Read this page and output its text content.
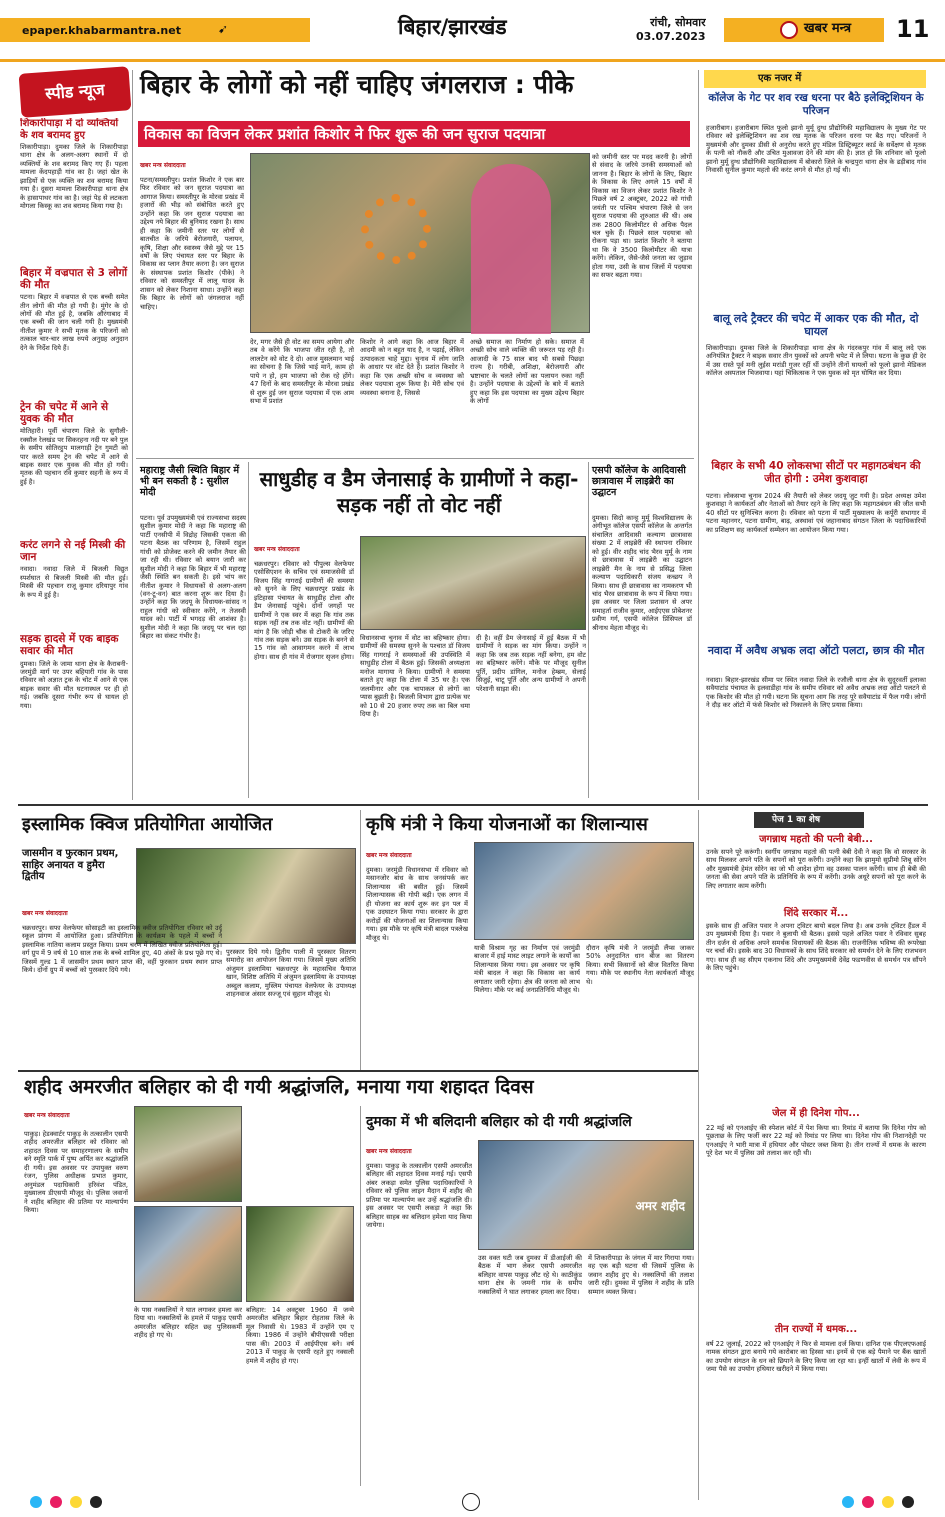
epaper.khabarmantra.net	➹	बिहार/झारखंड	रांची, सोमवार
03.07.2023
खबर मन्त्र 11
स्पीड न्यूज
शिकारीपाड़ा में दो व्यक्तियों के शव बरामद हुए
शिकारीपाड़ा। दुमका जिले के शिकारीपाड़ा थाना क्षेत्र के अलग-अलग स्थानों में दो व्यक्तियों के शव बरामद किए गए हैं। पहला मामला केंदपहाड़ी गांव का है। जहां खेत के झाड़ियों से एक व्यक्ति का शव बरामद किया गया है। दूसरा मामला शिकारीपाड़ा थाना क्षेत्र के हासापाथर गांव का है। जहां पेड़ से लटकता मोगला किस्कू का शव बरामद किया गया है।
बिहार में वज्रपात से 3 लोगों की मौत
पटना। बिहार में वज्रपात से एक बच्ची समेत तीन लोगों की मौत हो गयी है। मुंगेर के दो लोगों की मौत हुई है, जबकि औरंगाबाद में एक बच्ची की जान चली गयी है। मुख्यमंत्री नीतीश कुमार ने सभी मृतक के परिजनों को तत्काल चार-चार लाख रुपये अनुग्रह अनुदान देने के निर्देश दिये हैं।
ट्रेन की चपेट में आने से युवक की मौत
मोतिहारी। पूर्वी चंपारण जिले के सुगौली-रक्सौल रेलखंड पर सिकरहना नदी पर बने पुल के समीप सोतिरहुप मालगाड़ी ट्रेन गुमटी को पार करते समय ट्रेन की चपेट में आने से बाइक सवार एक युवक की मौत हो गयी। मृतक की पहचान रवि कुमार सहनी के रूप में हुई है।
करंट लगने से नई मिस्त्री की जान
नवादा। नवादा जिले में बिजली विद्युत स्पर्शघात से बिजली मिस्त्री की मौत हुई। मिस्त्री की पहचान राजू कुमार दरियापुर गांव के रूप में हुई है।
सड़क हादसे में एक बाइक सवार की मौत
दुमका। जिले के जामा थाना क्षेत्र के कैराबनी-जरमुंडी मार्ग पर उपर बहियारी गांव के पास रविवार को अज्ञात ट्रक के चोट में आने से एक बाइक सवार की मौत घटनास्थल पर ही हो गई। जबकि दूसरा गंभीर रूप से घायल हो गया।
बिहार के लोगों को नहीं चाहिए जंगलराज : पीके
विकास का विजन लेकर प्रशांत किशोर ने फिर शुरू की जन सुराज पदयात्रा
खबर मन्त्र संवाददाता
पटना/समस्तीपुर। प्रशांत किशोर ने एक बार फिर रविवार को जन सुराज पदयात्रा का आगाज किया। समस्तीपुर के मोरवा प्रखंड में हजारों की भीड़ को संबोधित करते हुए उन्होंने कहा कि जन सुराज पदयात्रा का उद्देश्य नये बिहार की बुनियाद रखना है। साथ ही कहा कि जमीनी स्तर पर लोगों से बातचीत के जरिये बेरोजगारी, पलायन, कृषि, शिक्षा और स्वास्थ्य जैसे मुद्दे पर 15 वर्षों के लिए पंचायत स्तर पर बिहार के विकास का प्लान तैयार करना है। जन सुराज के संस्थापक प्रशांत किशोर (पीके) ने रविवार को समस्तीपुर में लालू यादव के शासन को लेकर निशाना साधा। उन्होंने कहा कि बिहार के लोगों को जंगलराज नहीं चाहिए।
देर, मगर जैसे ही वोट का समय आयेगा और तब वे करेंगे कि भाजपा जीत रही है, तो लालटेन को वोट दे दो। आज मुसलमान भाई का सोचना है कि जिसे भाई मानें, काम हो पाये न हो, हम भाजपा को रोक रहे होंगे। 47 दिनों के बाद समस्तीपुर के मोरवा प्रखंड से शुरू हुई जन सुराज पदयात्रा में एक आम सभा में प्रशांत
किशोर ने आगे कहा कि आज बिहार में आदमी को न बहुत याद है, न पढ़ाई, लेकिन उत्पादकता चाहे मुद्दा। चुनाव में लोग जाति के आधार पर वोट देते हैं। प्रशांत किशोर ने कहा कि एक अच्छी सोच व व्यवस्था को लेकर पदयात्रा शुरू किया है। मेरी सोच एवं व्यवस्था बनाना है, जिससे
अच्छे समाज का निर्माण हो सके। समाज में अच्छी सोच वाले व्यक्ति की जरूरत पड़ रही है। आजादी के 75 साल बाद भी सबसे पिछड़ा राज्य है। गरीबी, अशिक्षा, बेरोजगारी और भ्रष्टाचार के चलते लोगों का पलायन रुका नहीं है। उन्होंने पदयात्रा के उद्देश्यों के बारे में बताते हुए कहा कि इस पदयात्रा का मुख्य उद्देश्य बिहार के लोगों
को जमीनी स्तर पर मदद करनी है। लोगों से संवाद के जरिये उनकी समस्याओं को जानना है। बिहार के लोगों के लिए, बिहार के विकास के लिए अगले 15 वर्षों में विकास का विजन लेकर प्रशांत किशोर ने पिछले वर्ष 2 अक्टूबर, 2022 को गांधी जयंती पर पश्चिम चंपारण जिले से जन सुराज पदयात्रा की शुरुआत की थी। अब तक 2800 किलोमीटर से अधिक पैदल चल चुके हैं। पिछले साल पदयात्रा को रोकना पड़ा था। प्रशांत किशोर ने बताया था कि वे 3500 किलोमीटर की यात्रा करेंगे। लेकिन, जैसे-जैसे जनता का जुड़ाव होता गया, उसी के साथ जिलों में पदयात्रा का सफर बढ़ता गया।
महाराष्ट्र जैसी स्थिति बिहार में भी बन सकती है : सुशील मोदी
पटना। पूर्व उपमुख्यमंत्री एवं राज्यसभा सदस्य सुशील कुमार मोदी ने कहा कि महाराष्ट्र की पार्टी एनसीपी में विद्रोह जिसकी एकता की पटना बैठक का परिणाम है, जिसमें राहुल गांधी को प्रोजेक्ट करने की जमीन तैयार की जा रही थी। रविवार को बयान जारी कर सुशील मोदी ने कहा कि बिहार में भी महाराष्ट्र जैसी स्थिति बन सकती है। इसे भांप कर नीतीश कुमार ने विधायकों से अलग-अलग (वन-टू-वन) बात करना शुरू कर दिया है। उन्होंने कहा कि जदयू के विधायक-सांसद न राहुल गांधी को स्वीकार करेंगे, न तेजस्वी यादव को। पार्टी में भगदड़ की आशंका है। सुशील मोदी ने कहा कि जदयू पर चल रहा बिहार का संकट गंभीर है।
साधुडीह व डैम जेनासाई के ग्रामीणों ने कहा- सड़क नहीं तो वोट नहीं
खबर मन्त्र संवाददाता
चक्रधरपुर। रविवार को पीपुल्स वेलफेयर एसोसिएशन के सचिव एवं समाजसेवी डॉ विजय सिंह गागराई ग्रामीणों की समस्या को सुनने के लिए चक्रधरपुर प्रखंड के इटिहासा पंचायत के साधुडीह टोला और डैम जेनासाई पहुंचे। दोनों जगहों पर ग्रामीणों ने एक स्वर में कहा कि गांव तक सड़क नहीं तब तक वोट नहीं। ग्रामीणों की मांग है कि जोड़ी चौक से टोकरी के जरिए गांव तक सड़क बने। उस सड़क के बनने से 15 गांव को आवागमन करने में लाभ होगा। साथ ही गांव में रोजगार सृजन होगा।
विधानसभा चुनाव में वोट का बहिष्कार होगा। ग्रामीणों की समस्या सुनने के पश्चात डॉ विजय सिंह गागराई ने समस्याओं की उपस्थिति में साधुडीह टोला में बैठक हुई। जिसकी अध्यक्षता मनोज मागाया ने किया। ग्रामीणों ने समस्या बताते हुए कहा कि टोला में 35 घर है। एक जलमीनार और एक चापाकल से लोगों का प्यास बुझती है। बिजली विभाग द्वारा प्रत्येक घर को 10 से 20 हजार रुपए तक का बिल थमा दिया है।
दी है। वहीं डैम जेनासाई में हुई बैठक में भी ग्रामीणों ने सड़क का मांग किया। उन्होंने न कहा कि जब तक सड़क नहीं बनेगा, हम वोट का बहिष्कार करेंगे। मौके पर मौजूद सुनील पूर्ति, प्रदीप डांगिल, मनोज हेम्ब्रम, सेलाई सिजुई, चाटू पूर्ति और अन्य ग्रामीणों ने अपनी परेशानी साझा की।
एसपी कॉलेज के आदिवासी छात्रावास में लाइब्रेरी का उद्घाटन
दुमका। सिदो कान्हू मुर्मू विश्वविद्यालय के अंगीभूत कॉलेज एसपी कॉलेज के अन्तर्गत संचालित आदिवासी कल्याण छात्रावास संख्या 2 में लाइब्रेरी की स्थापना रविवार को हुई। वीर शहीद चांद भैरव मुर्मू के नाम से छात्रावास में लाइब्रेरी का उद्घाटन लाइब्रेरी मैन के नाम से प्रसिद्ध जिला कल्याण पदाधिकारी संजय कच्छप ने किया। साथ ही छात्रावास का नामकरण भी चांद भैरव छात्रावास के रूप में किया गया। इस अवसर पर जिला प्रशासन से अपर समाहर्ता राजीव कुमार, आईएएस प्रोबेशनर प्रवीण गर्ग, एसपी कॉलेज प्रिंसिपल डॉ श्रीनाथ मेहता मौजूद थे।
एक नजर में
कॉलेज के गेट पर शव रख धरना पर बैठे इलेक्ट्रिशियन के परिजन
हजारीबाग। हजारीबाग स्थित फूलो झानो मुर्मू दुग्ध प्रौद्योगिकी महाविद्यालय के मुख्य गेट पर रविवार को इलेक्ट्रिशियन का शव रख मृतक के परिजन धरना पर बैठ गए। परिजनों ने मुख्यमंत्री और दुमका डीसी से अनुरोध करते हुए मंडिल डिस्ट्रिब्यूटर कार्ड के सर्वेक्षण से मृतक के पत्नी को नौकरी और उचित मुआवजा देने की मांग की है। ज्ञात हो कि शनिवार को फूलो झानो मुर्मू दुग्ध प्रौद्योगिकी महाविद्यालय में बोकारो जिले के चन्द्रपुरा थाना क्षेत्र के ढड़ीबाद गांव निवासी सुनील कुमार महतो की करंट लगने से मौत हो गई थी।
बालू लदे ट्रैक्टर की चपेट में आकर एक की मौत, दो घायल
शिकारीपाड़ा। दुमका जिले के शिकारीपाड़ा थाना क्षेत्र के गंदरकपुर गांव में बालू लदे एक अनियंत्रित ट्रैक्टर ने बाइक सवार तीन युवकों को अपनी चपेट में ले लिया। घटना के कुछ ही देर में उस रास्ते पूर्व मनी लुईस मरांडी गुजर रहीं थीं उन्होंने तीनों घायलों को फूलो झानो मेडिकल कॉलेज अस्पताल भिजवाया। यहां चिकित्सक ने एक युवक को मृत घोषित कर दिया।
बिहार के सभी 40 लोकसभा सीटों पर महागठबंधन की जीत होगी : उमेश कुशवाहा
पटना। लोकसभा चुनाव 2024 की तैयारी को लेकर जदयू जुट गयी है। प्रदेश अध्यक्ष उमेश कुशवाहा ने कार्यकर्ता और नेताओं को तैयार रहने के लिए कहा कि महागठबंधन की जीत सभी 40 सीटों पर सुनिश्चित करना है। रविवार को पटना में पार्टी मुख्यालय के कर्पूरी सभागार में पटना महानगर, पटना ग्रामीण, बाढ़, अस्थावां एवं जहानाबाद संगठन जिला के पदाधिकारियों का प्रशिक्षण सह कार्यकर्ता सम्मेलन का आयोजन किया गया।
नवादा में अवैध अभ्रक लदा ऑटो पलटा, छात्र की मौत
नवादा। बिहार-झारखंड सीमा पर स्थित नवादा जिले के रजौली थाना क्षेत्र के सुदूरवर्ती इलाका सवैयाटांड पंचायत के इलवाडीहा गांव के समीप रविवार को अवैध अभ्रक लदा ऑटो पलटने से एक किशोर की मौत हो गयी। घटना कि सूचना आग कि तरह पूरे सवैयाटांड में फैल गयी। लोगों ने दौड़ कर ऑटो में फंसे किशोर को निकालने के लिए प्रयास किया।
इस्लामिक क्विज प्रतियोगिता आयोजित
जासमीन व फुरकान प्रथम, साहिर अनायत व हुमैरा द्वितीय
खबर मन्त्र संवाददाता
चक्रधरपुर। सफा वेलफेयर सोसाइटी का इस्लामिक क्वीज प्रतियोगिता रविवार को उर्दू स्कूल प्रांगण में आयोजित हुआ। प्रतियोगिता के कार्यक्रम के पहले में बच्चों ने इस्लामिक नातिया कलाम प्रस्तुत किया। प्रथम चरण में लिखित क्वीज प्रतियोगिता हुई। वर्ग ग्रुप में 9 वर्ष से 10 साल तक के बच्चे शामिल हुए, 40 अंकों के प्रश्न पूछे गए थे। जिसमें गुल्ड 1 में जासमीन प्रथम स्थान प्राप्त की, वहीं फुरकान प्रथम स्थान प्राप्त किये। दोनों ग्रुप में बच्चों को पुरस्कार दिये गये।
पुरस्कार दिये गये। द्वितीय पाली में पुरस्कार वितरण समारोह का आयोजन किया गया। जिसमें मुख्य अतिथि अंजुमन इस्लामिया चक्रधरपुर के महासचिव फैयाज खान, विशिष्ट अतिथि में अंजुमन इस्लामिया के उपाध्यक्ष अब्दुल कलाम, मुस्लिम पंचायत वेलफेयर के उपाध्यक्ष शाहनवाज अंसार सज्जू एवं सुहान मौजूद थे।
कृषि मंत्री ने किया योजनाओं का शिलान्यास
खबर मन्त्र संवाददाता
दुमका। जरमुंडी विधानसभा में रविवार को मसानजोर बांध के साथ जनसंपर्क कर शिलान्यास की बसीत हुई। जिसमें शिलान्यासक की गोपी बढ़ी। एक लगन में ही योजना का कार्य शुरू कर इन पल में एक उदघाटन किया गया। सरकार के द्वारा करोड़ों की योजनाओं का शिलान्यास किया गया। इस मौके पर कृषि मंत्री बादल पत्रलेख मौजूद थे।
यात्री विश्राम गृह का निर्माण एवं जरमुंडी बाजार में हाई मास्ट लाइट लगाने के कार्यों का शिलान्यास किया गया। इस अवसर पर कृषि मंत्री बादल ने कहा कि विकास का कार्य लगातार जारी रहेगा। क्षेत्र की जनता को लाभ मिलेगा। मौके पर कई जनप्रतिनिधि मौजूद थे।
दौरान कृषि मंत्री ने जरमुंडी लैंप्स जाकर 50% अनुदानित धान बीज का वितरण किया। सभी किसानों को बीज वितरित किया गया। मौके पर स्थानीय नेता कार्यकर्ता मौजूद थे।
पेज 1 का शेष
जगन्नाथ महतो की पत्नी बेबी...
उनके सपने पूरे करूंगी। स्वर्गीय जगन्नाथ महतो की पत्नी बेबी देवी ने कहा कि वो सरकार के साथ मिलकर अपने पति के सपनों को पूरा करेंगी। उन्होंने कहा कि झामुमो सुप्रीमो शिबू सोरेन और मुख्यमंत्री हेमंत सोरेन का जो भी आदेश होगा वह उसका पालन करेंगी। साथ ही बेबी की जनता की सेवा अपने पति के प्रतिनिधि के रूप में करेंगी। उनके अधूरे सपनों को पूरा करने के लिए लगातार काम करेंगी।
शिंदे सरकार में...
इसके साथ ही अजित पवार ने अपना ट्विटर बायो बदल लिया है। अब उनके ट्विटर हैंडल में उप मुख्यमंत्री दिया है। पवार ने बुलायी थी बैठक। इससे पहले अजित पवार ने रविवार सुबह तीन दर्जन से अधिक अपने समर्थक विधायकों की बैठक की। राजनीतिक भविष्य की रूपरेखा पर चर्चा की। इसके बाद 30 विधायकों के साथ शिंदे सरकार को समर्थन देने के लिए राजभवन गए। साथ ही वह सीएम एकनाथ शिंदे और उपमुख्यमंत्री देवेंद्र फडणवीस से समर्थन पत्र सौंपने के लिए पहुंचे।
जेल में ही दिनेश गोप...
22 मई को एनआईए की स्पेशल कोर्ट में पेश किया था। रिमांड में बताया कि दिनेश गोप को पूछताछ के लिए फर्जी कार 22 मई को रिमांड पर लिया था। दिनेश गोप की निशानदेही पर एनआईए ने भारी मात्रा में हथियार और पोस्टर जब्त किया है। तीन राज्यों में धमक के कारण पूरे देश भर में पुलिस उसे तलाश कर रही थी।
तीन राज्यों में धमक...
वर्ष 22 जुलाई, 2022 को एनआईए ने फिर से मामला दर्ज किया। दानिश एक पीएलएफआई नामक संगठन द्वारा बनाये गये कारोबार का हिस्सा था। इनमें से एक बड़े पैमाने पर बैंक खातों का उपयोग संगठन के धन को छिपाने के लिए किया जा रहा था। इन्हीं खातों में लेवी के रूप में जमा पैसे का उपयोग हथियार खरीदने में किया गया।
शहीद अमरजीत बलिहार को दी गयी श्रद्धांजलि, मनाया गया शहादत दिवस
खबर मन्त्र संवाददाता
पाकुड़। हेडक्वार्टर पाकुड़ के तत्कालीन एसपी शहीद अमरजीत बलिहार को रविवार को शहादत दिवस पर समाहरणालय के समीप बने स्मृति पार्क में पुष्प अर्पित कर श्रद्धांजलि दी गयी। इस अवसर पर उपायुक्त वरुण रंजन, पुलिस अधीक्षक प्रभात कुमार, अनुमंडल पदाधिकारी हरिवंश पंडित, मुख्यालय डीएसपी मौजूद थे। पुलिस जवानों ने शहीद बलिहार की प्रतिमा पर माल्यार्पण किया।
के पास नक्सलियों ने घात लगाकर हमला कर दिया था। नक्सलियों के हमले में पाकुड़ एसपी अमरजीत बलिहार सहित छह पुलिसकर्मी शहीद हो गए थे।
बलिहार: 14 अक्टूबर 1960 में जन्मे अमरजीत बलिहार बिहार रोहतास जिले के मूल निवासी थे। 1983 में उन्होंने एम ए किया। 1986 में उन्होंने बीपीएससी परीक्षा पास की। 2003 में आईपीएस बने। वर्ष 2013 में पाकुड़ के एसपी रहते हुए नक्सली हमले में शहीद हो गए।
दुमका में भी बलिदानी बलिहार को दी गयी श्रद्धांजलि
खबर मन्त्र संवाददाता
दुमका। पाकुड़ के तत्कालीन एसपी अमरजीत बलिहार की शहादत दिवस मनाई गई। एसपी अंबर लकड़ा समेत पुलिस पदाधिकारियों ने रविवार को पुलिस लाइन मैदान में शहीद की प्रतिमा पर माल्यार्पण कर उन्हें श्रद्धांजलि दी। इस अवसर पर एसपी लकड़ा ने कहा कि बलिहार साहब का बलिदान हमेशा याद किया जायेगा।
अमर शहीद
उस वक्त घटी जब दुमका में डीआईजी की बैठक में भाग लेकर एसपी अमरजीत बलिहार वापस पाकुड़ लौट रहे थे। काठीकुंड थाना क्षेत्र के जमनी गांव के समीप नक्सलियों ने घात लगाकर हमला कर दिया।
में शिकारीपाड़ा के जंगल में मार गिराया गया। वह एक बड़ी घटना थी जिसमें पुलिस के जवान शहीद हुए थे। नक्सलियों की तलाश जारी रही। दुमका में पुलिस ने शहीद के प्रति सम्मान व्यक्त किया।
